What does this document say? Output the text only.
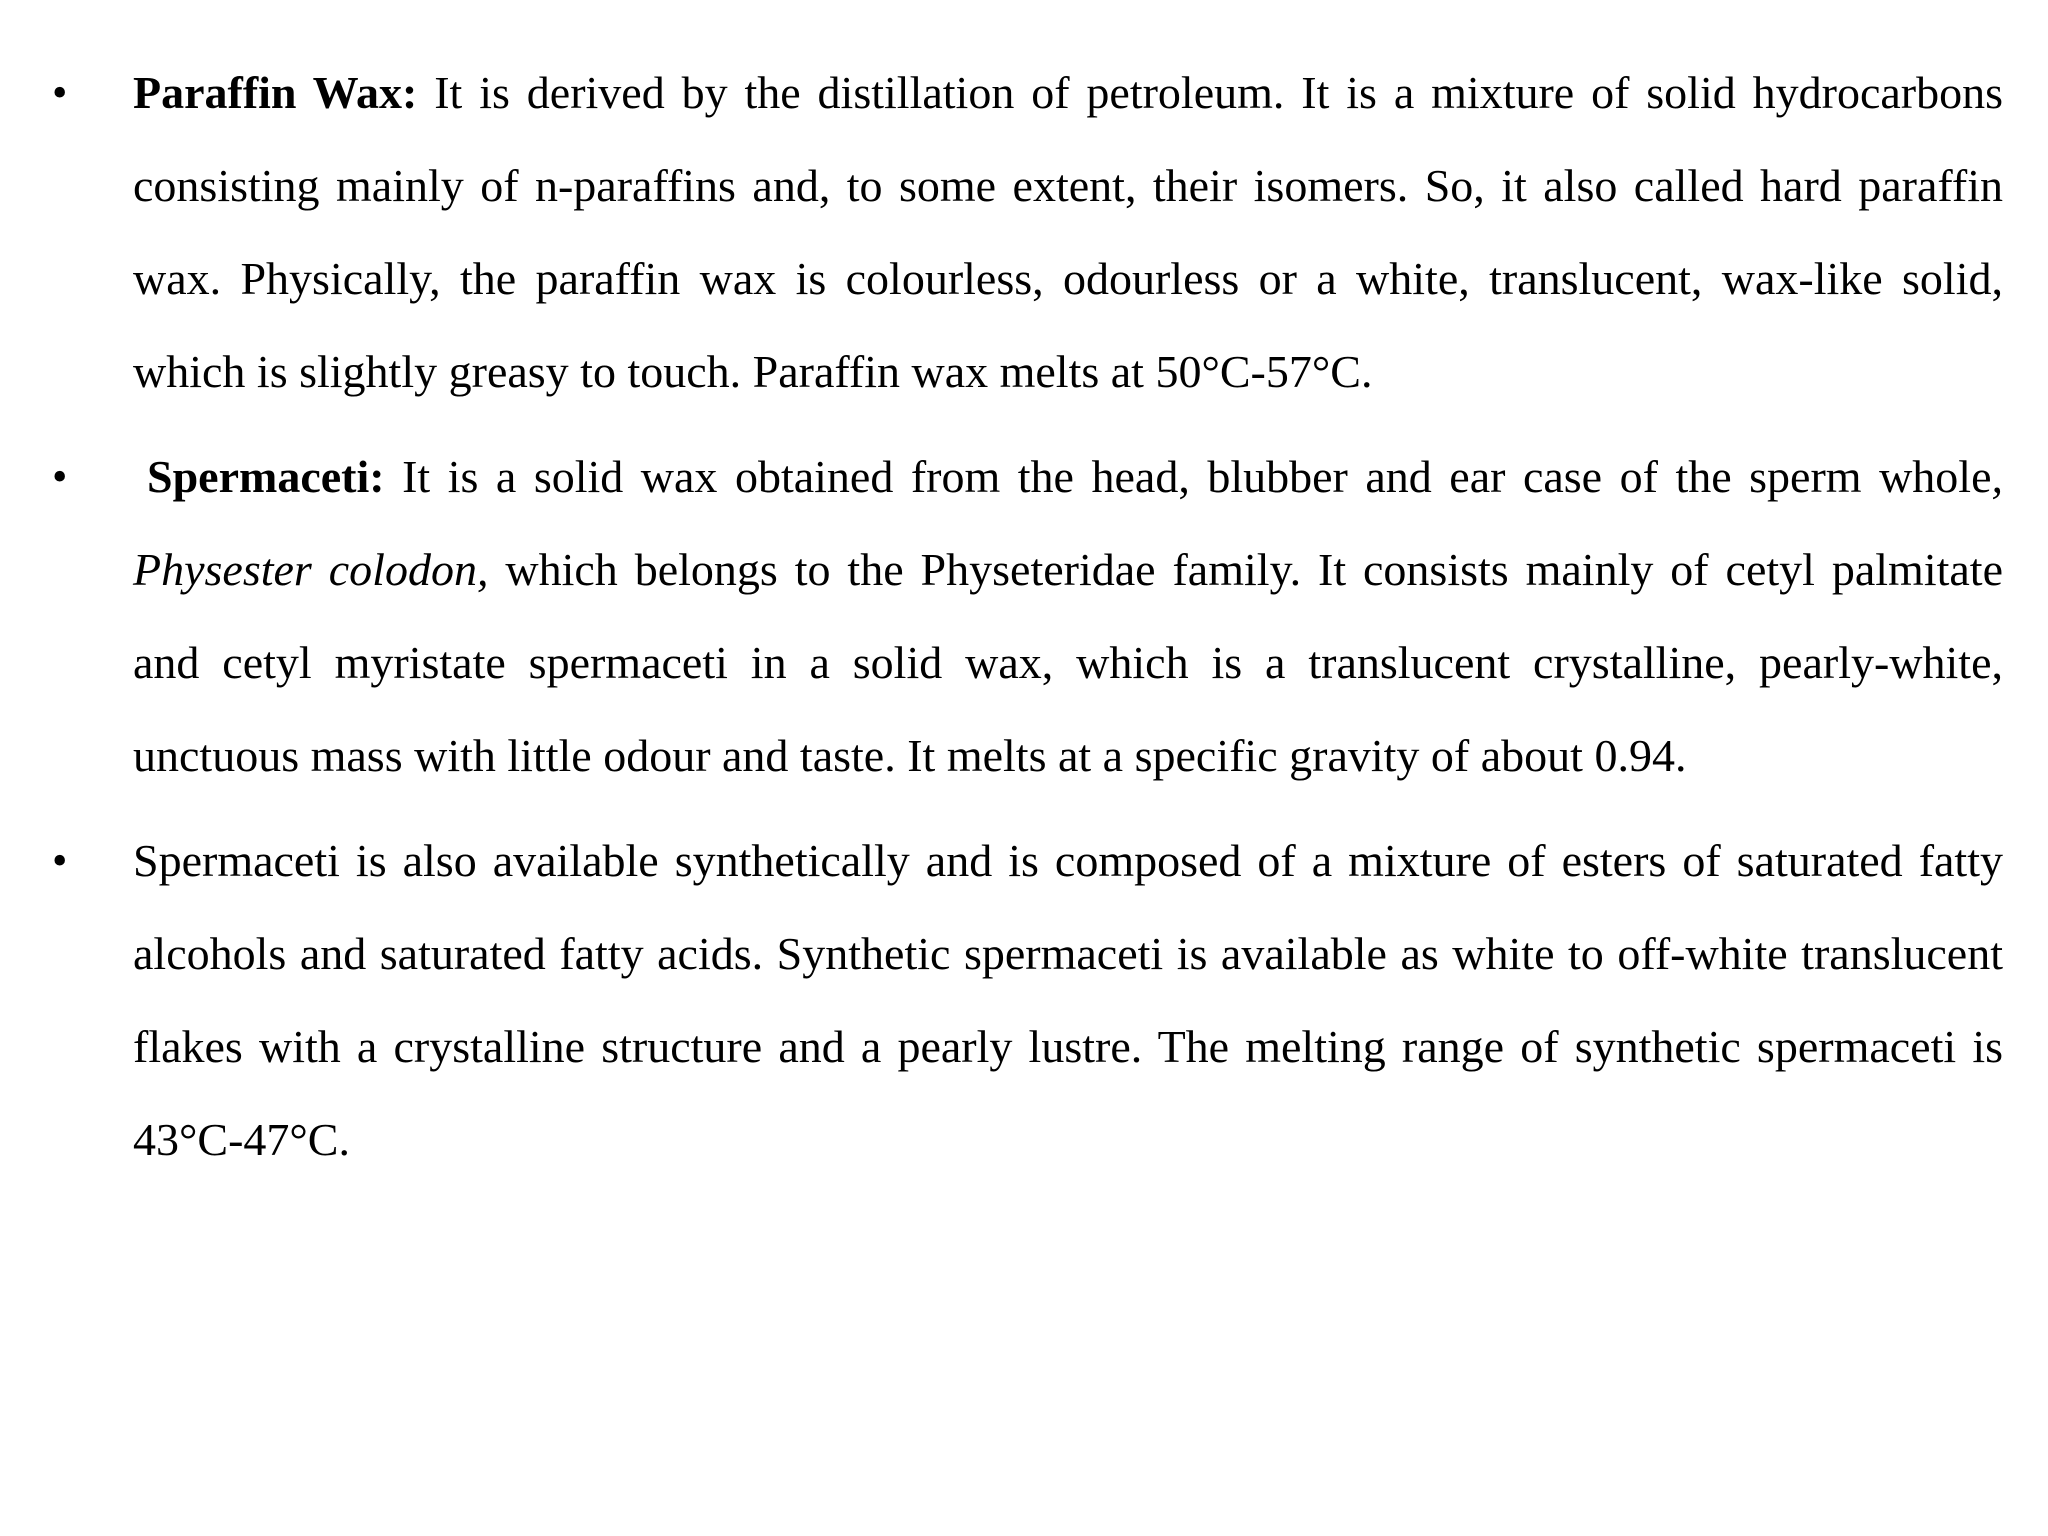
• Paraffin Wax: It is derived by the distillation of petroleum. It is a mixture of solid hydrocarbons consisting mainly of n-paraffins and, to some extent, their isomers. So, it also called hard paraffin wax. Physically, the paraffin wax is colourless, odourless or a white, translucent, wax-like solid, which is slightly greasy to touch. Paraffin wax melts at 50°C-57°C.

•	Spermaceti: It is a solid wax obtained from the head, blubber and ear case of the sperm whole, Physester colodon, which belongs to the Physeteridae family. It consists mainly of cetyl palmitate and cetyl myristate spermaceti in a solid wax, which is a translucent crystalline, pearly-white, unctuous mass with little odour and taste. It melts at a specific gravity of about 0.94.

• Spermaceti is also available synthetically and is composed of a mixture of esters of saturated fatty alcohols and saturated fatty acids. Synthetic spermaceti is available as white to off-white translucent flakes with a crystalline structure and a pearly lustre. The melting range of synthetic spermaceti is 43°C-47°C.
